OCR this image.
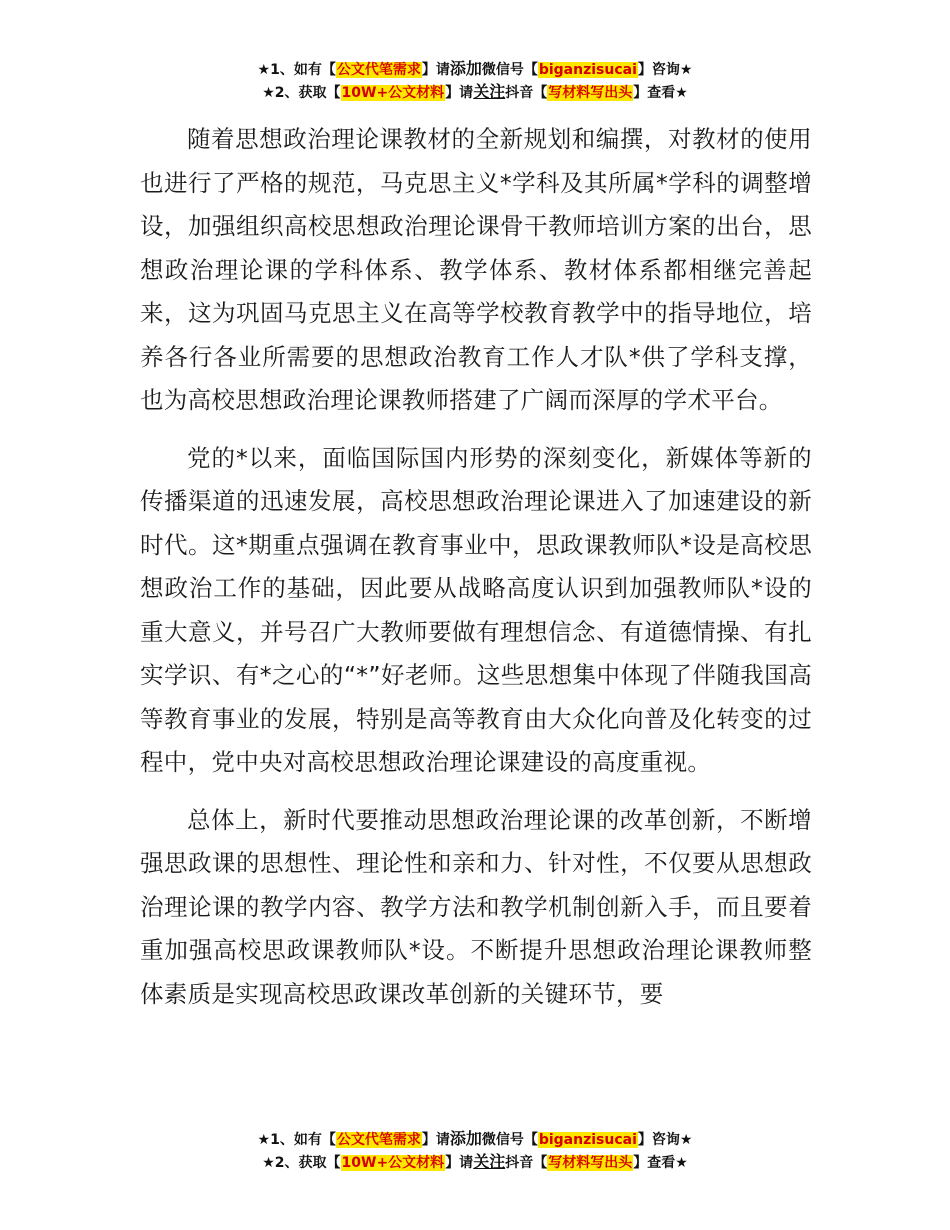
★1、如有【公文代笔需求】请添加微信号【biganzisucai】咨询★
★2、获取【10W+公文材料】请关注抖音【写材料写出头】查看★

随着思想政治理论课教材的全新规划和编撰，对教材的使用也进行了严格的规范，马克思主义*学科及其所属*学科的调整增设，加强组织高校思想政治理论课骨干教师培训方案的出台，思想政治理论课的学科体系、教学体系、教材体系都相继完善起来，这为巩固马克思主义在高等学校教育教学中的指导地位，培养各行各业所需要的思想政治教育工作人才队*供了学科支撑，也为高校思想政治理论课教师搭建了广阔而深厚的学术平台。

党的*以来，面临国际国内形势的深刻变化，新媒体等新的传播渠道的迅速发展，高校思想政治理论课进入了加速建设的新时代。这*期重点强调在教育事业中，思政课教师队*设是高校思想政治工作的基础，因此要从战略高度认识到加强教师队*设的重大意义，并号召广大教师要做有理想信念、有道德情操、有扎实学识、有*之心的“*”好老师。这些思想集中体现了伴随我国高等教育事业的发展，特别是高等教育由大众化向普及化转变的过程中，党中央对高校思想政治理论课建设的高度重视。

总体上，新时代要推动思想政治理论课的改革创新，不断增强思政课的思想性、理论性和亲和力、针对性，不仅要从思想政治理论课的教学内容、教学方法和教学机制创新入手，而且要着重加强高校思政课教师队*设。不断提升思想政治理论课教师整体素质是实现高校思政课改革创新的关键环节，要

★1、如有【公文代笔需求】请添加微信号【biganzisucai】咨询★
★2、获取【10W+公文材料】请关注抖音【写材料写出头】查看★
